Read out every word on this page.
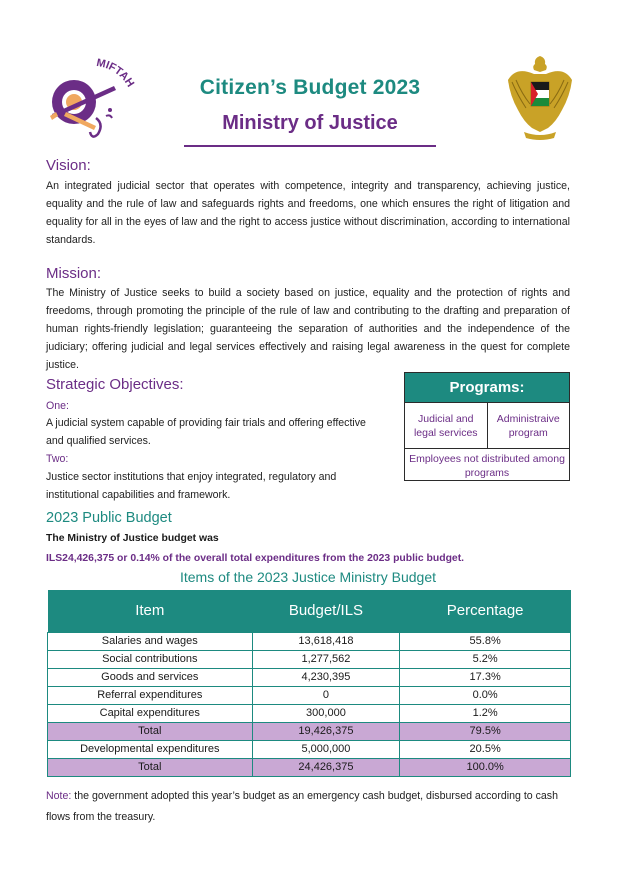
MIFTAH	Citizen’s Budget 2023
Ministry of Justice
Vision:
An integrated judicial sector that operates with competence, integrity and transparency, achieving justice, equality and the rule of law and safeguards rights and freedoms, one which ensures the right of litigation and equality for all in the eyes of law and the right to access justice without discrimination, according to international standards.
Mission:
The Ministry of Justice seeks to build a society based on justice, equality and the protection of rights and freedoms, through promoting the principle of the rule of law and contributing to the drafting and preparation of human rights-friendly legislation; guaranteeing the separation of authorities and the independence of the judiciary; offering judicial and legal services effectively and raising legal awareness in the quest for complete justice.
Strategic Objectives:
One:
A judicial system capable of providing fair trials and offering effective and qualified services.
Two:
Justice sector institutions that enjoy integrated, regulatory and institutional capabilities and framework.
Programs:
Judicial and legal services
Administraive program
Employees not distributed among programs
2023 Public Budget
The Ministry of Justice budget was
ILS24,426,375 or 0.14% of the overall total expenditures from the 2023 public budget.
Items of the 2023 Justice Ministry Budget
Item	Budget/ILS	Percentage
Salaries and wages	13,618,418	55.8%
Social contributions	1,277,562	5.2%
Goods and services	4,230,395	17.3%
Referral expenditures	0	0.0%
Capital expenditures	300,000	1.2%
Total	19,426,375	79.5%
Developmental expenditures	5,000,000	20.5%
Total	24,426,375	100.0%
Note: the government adopted this year’s budget as an emergency cash budget, disbursed according to cash flows from the treasury.
